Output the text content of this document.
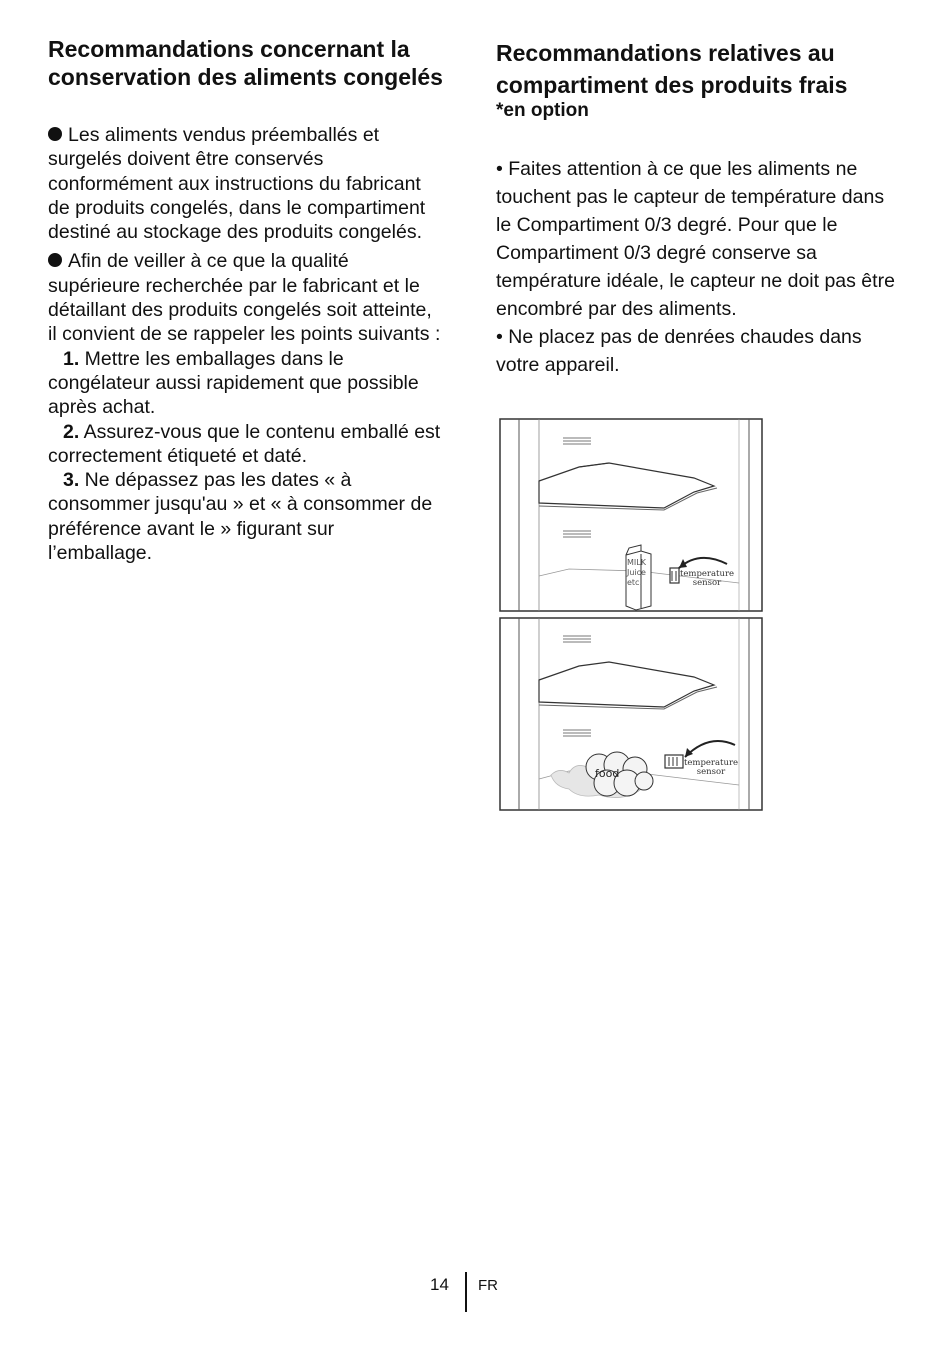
Recommandations concernant la conservation des aliments congelés

Les aliments vendus préemballés et surgelés doivent être conservés conformément aux instructions du fabricant de produits congelés, dans le compartiment destiné au stockage des produits congelés.

Afin de veiller à ce que la qualité supérieure recherchée par le fabricant et le détaillant des produits congelés soit atteinte, il convient de se rappeler les points suivants :

1. Mettre les emballages dans le congélateur aussi rapidement que possible après achat.

2. Assurez-vous que le contenu emballé est correctement étiqueté et daté.

3. Ne dépassez pas les dates « à consommer jusqu'au » et « à consommer de préférence avant le » figurant sur l’emballage.

Recommandations relatives au compartiment des produits frais
*en option

• Faites attention à ce que les aliments ne touchent pas le capteur de température dans le Compartiment 0/3 degré. Pour que le Compartiment 0/3 degré conserve sa température idéale, le capteur ne doit pas être encombré par des aliments.

• Ne placez pas de denrées chaudes dans votre appareil.

MILK
Juice
etc.
temperature
sensor
food
temperature
sensor
14 FR
